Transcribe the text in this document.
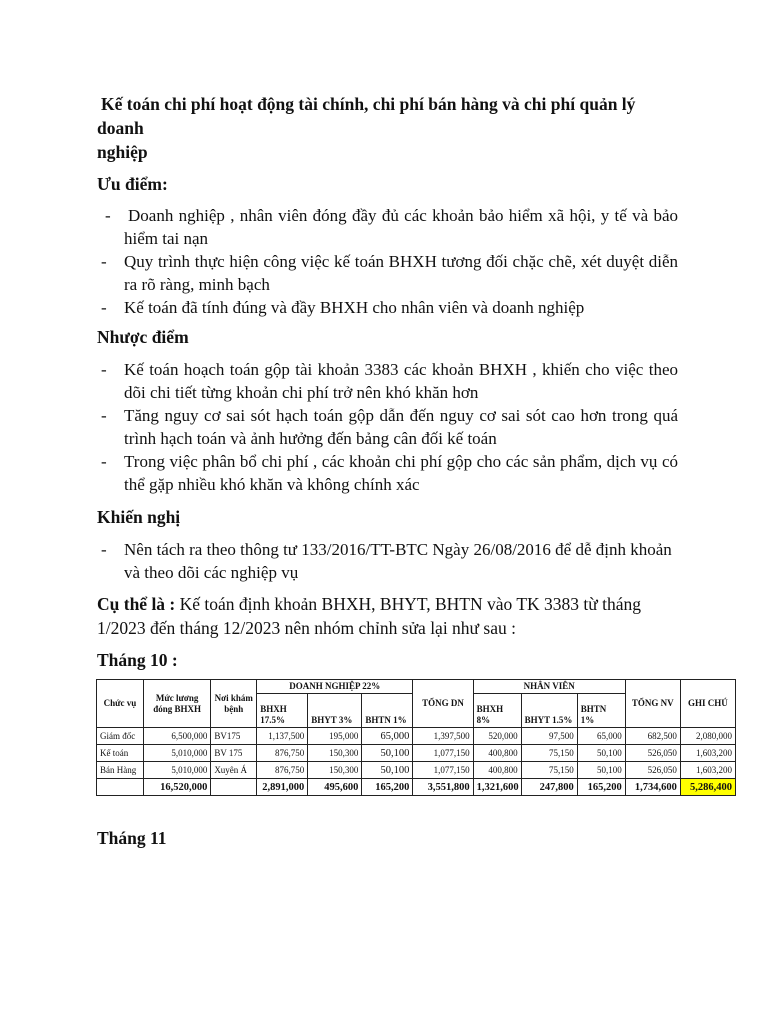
Kế toán chi phí hoạt động tài chính, chi phí bán hàng và chi phí quản lý
doanh
nghiệp
Ưu điểm:
- Doanh nghiệp , nhân viên đóng đầy đủ các khoản bảo hiểm xã hội, y tế và bảo hiểm tai nạn
- Quy trình thực hiện công việc kế toán BHXH tương đối chặc chẽ, xét duyệt diễn ra rõ ràng, minh bạch
- Kế toán đã tính đúng và đầy BHXH cho nhân viên và doanh nghiệp
Nhược điểm
- Kế toán hoạch toán gộp tài khoản 3383 các khoản BHXH , khiến cho việc theo dõi chi tiết từng khoản chi phí trở nên khó khăn hơn
- Tăng nguy cơ sai sót hạch toán gộp dẫn đến nguy cơ sai sót cao hơn trong quá trình hạch toán và ảnh hưởng đến bảng cân đối kế toán
- Trong việc phân bổ chi phí , các khoản chi phí gộp cho các sản phẩm, dịch vụ có thể gặp nhiều khó khăn và không chính xác
Khiến nghị
- Nên tách ra theo thông tư 133/2016/TT-BTC Ngày 26/08/2016 để dễ định khoản và theo dõi các nghiệp vụ
Cụ thể là : Kế toán định khoản BHXH, BHYT, BHTN vào TK 3383 từ tháng 1/2023 đến tháng 12/2023 nên nhóm chỉnh sửa lại như sau :
Tháng 10 :
Chức vụ	Mức lương đóng BHXH	Nơi khám bệnh	DOANH NGHIỆP 22%			TỔNG DN	NHÂN VIÊN			TỔNG NV	GHI CHÚ
			BHXH 17.5%	BHYT 3%	BHTN 1%		BHXH 8%	BHYT 1.5%	BHTN 1%		
Giám đốc	6,500,000	BV175	1,137,500	195,000	65,000	1,397,500	520,000	97,500	65,000	682,500	2,080,000
Kế toán	5,010,000	BV 175	876,750	150,300	50,100	1,077,150	400,800	75,150	50,100	526,050	1,603,200
Bán Hàng	5,010,000	Xuyên Á	876,750	150,300	50,100	1,077,150	400,800	75,150	50,100	526,050	1,603,200
	16,520,000		2,891,000	495,600	165,200	3,551,800	1,321,600	247,800	165,200	1,734,600	5,286,400
Tháng 11
